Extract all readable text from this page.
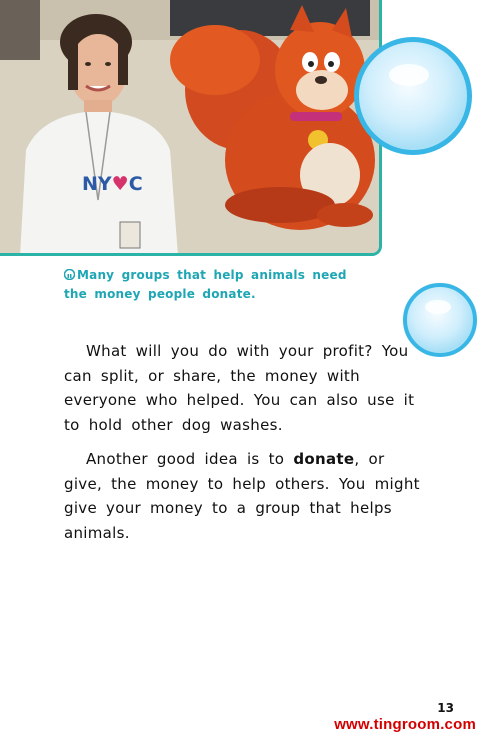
NY♥C
Many groups that help animals need the money people donate.
What will you do with your profit? You can split, or share, the money with everyone who helped. You can also use it to hold other dog washes.
Another good idea is to donate, or give, the money to help others. You might give your money to a group that helps animals.
13
www.tingroom.com
